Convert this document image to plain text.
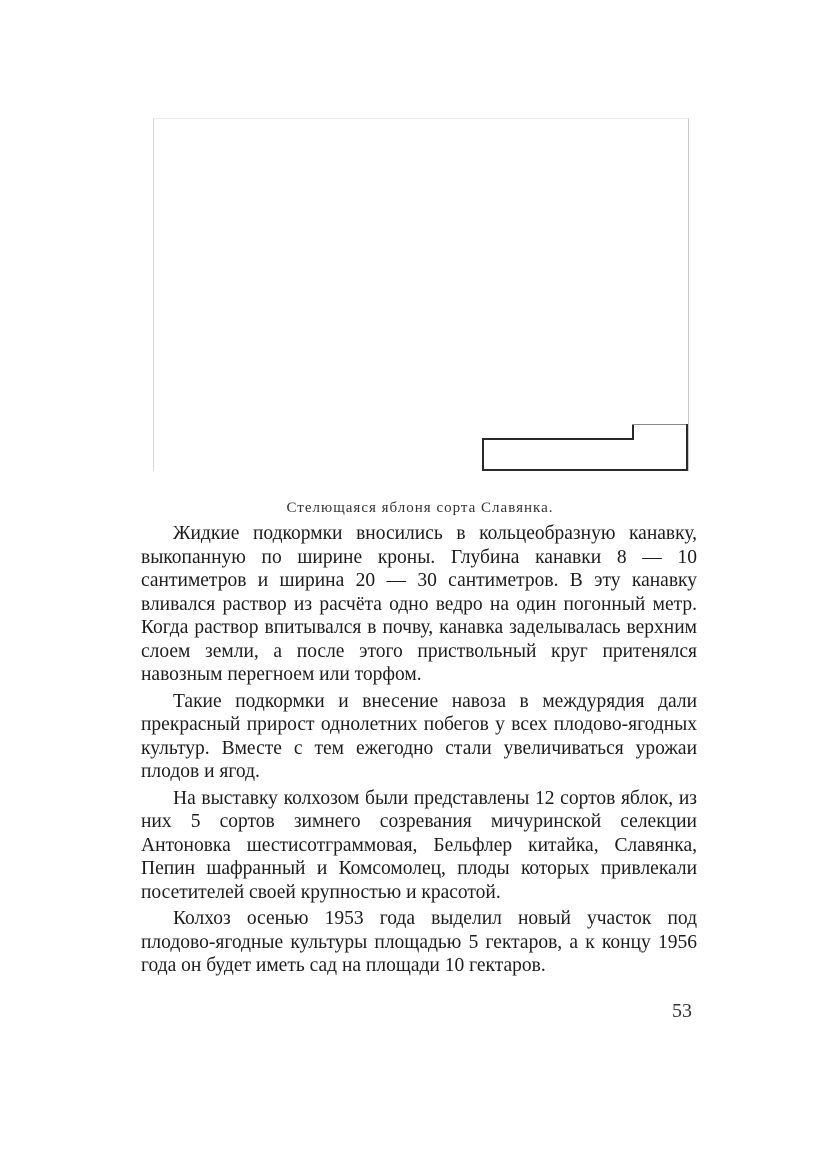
Стелющаяся яблоня сорта Славянка.

Жидкие подкормки вносились в кольцеобразную канавку, выкопанную по ширине кроны. Глубина канавки 8 — 10 сантиметров и ширина 20 — 30 сантиметров. В эту канавку вливался раствор из расчёта одно ведро на один погонный метр. Когда раствор впитывался в почву, канавка заделывалась верхним слоем земли, а после этого приствольный круг притенялся навозным перегноем или торфом.

Такие подкормки и внесение навоза в междурядия дали прекрасный прирост однолетних побегов у всех плодово-ягодных культур. Вместе с тем ежегодно стали увеличиваться урожаи плодов и ягод.

На выставку колхозом были представлены 12 сортов яблок, из них 5 сортов зимнего созревания мичуринской селекции Антоновка шестисотграммовая, Бельфлер китайка, Славянка, Пепин шафранный и Комсомолец, плоды которых привлекали посетителей своей крупностью и красотой.

Колхоз осенью 1953 года выделил новый участок под плодово-ягодные культуры площадью 5 гектаров, а к концу 1956 года он будет иметь сад на площади 10 гектаров.

53
